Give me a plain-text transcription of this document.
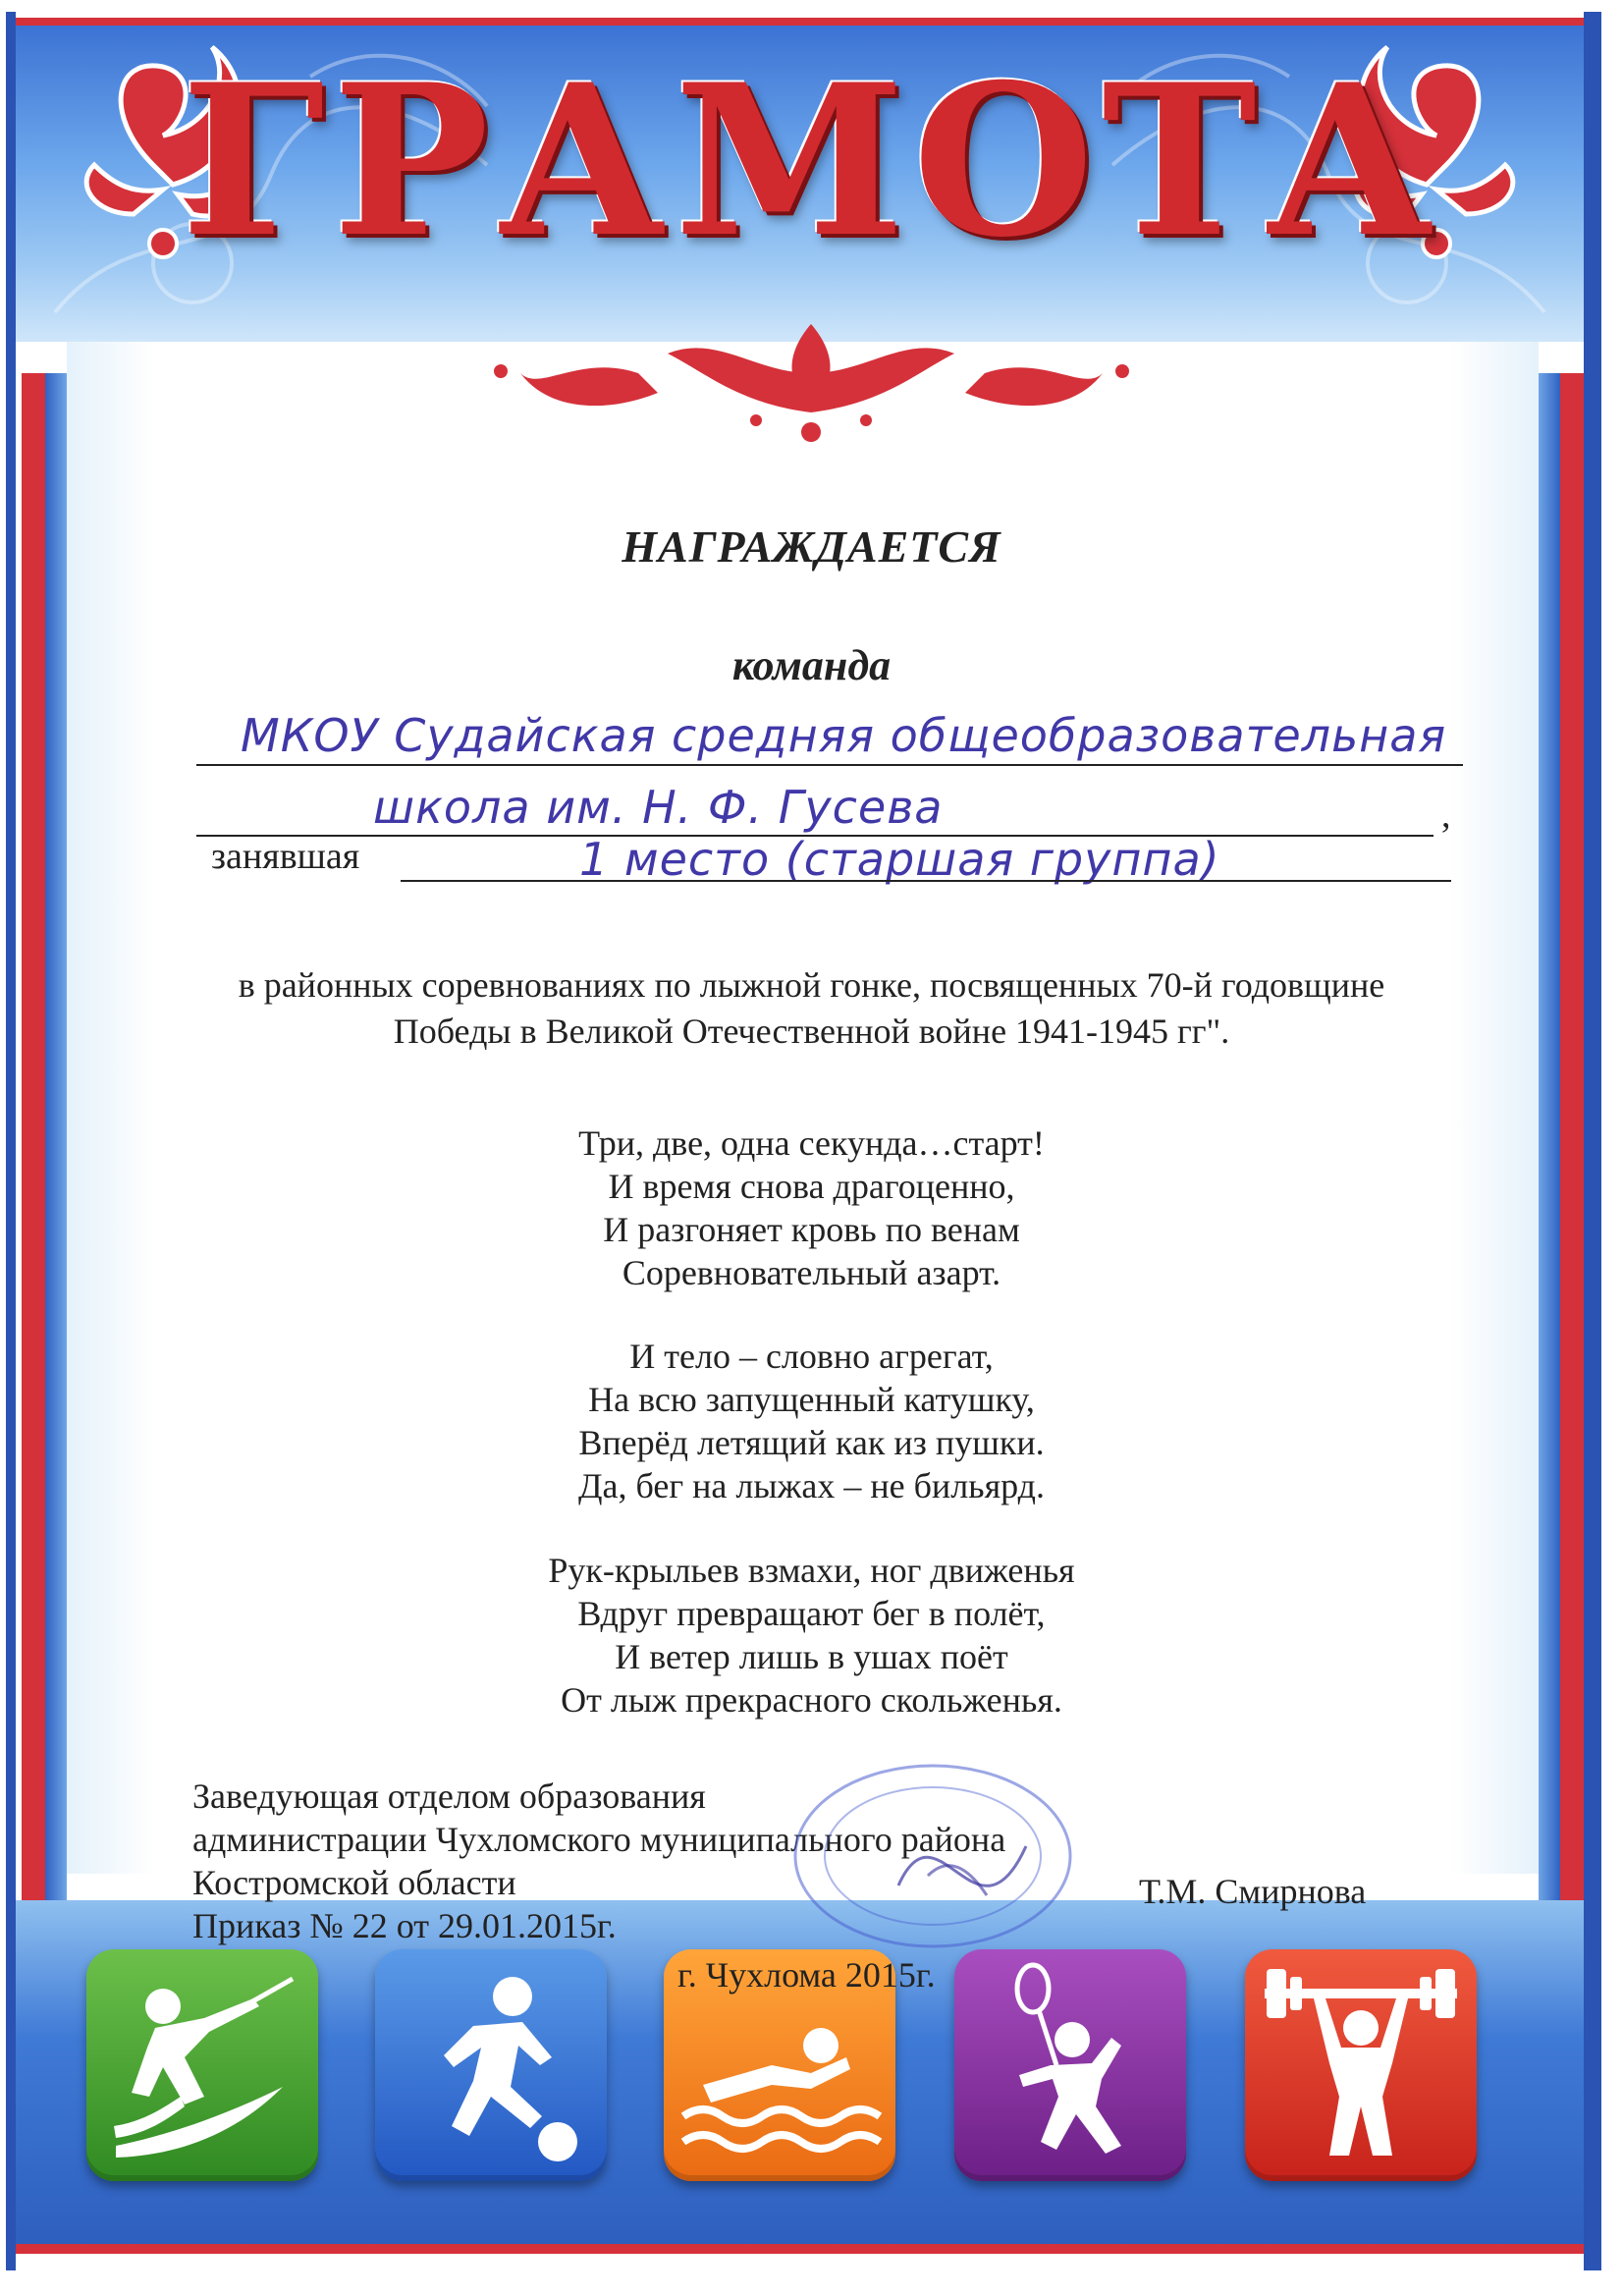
ГРАМОТА
НАГРАЖДАЕТСЯ
команда
МКОУ Судайская средняя общеобразовательная
школа им. Н. Ф. Гусева	,
занявшая	1 место (старшая группа)
в районных соревнованиях по лыжной гонке, посвященных 70-й годовщине
Победы в Великой Отечественной войне 1941-1945 гг".
Три, две, одна секунда…старт!
И время снова драгоценно,
И разгоняет кровь по венам
Соревновательный азарт.
И тело – словно агрегат,
На всю запущенный катушку,
Вперёд летящий как из пушки.
Да, бег на лыжах – не бильярд.
Рук-крыльев взмахи, ног движенья
Вдруг превращают бег в полёт,
И ветер лишь в ушах поёт
От лыж прекрасного скольженья.
Заведующая отделом образования
администрации Чухломского муниципального района
Костромской области	Т.М. Смирнова
Приказ № 22 от 29.01.2015г.
г. Чухлома 2015г.
